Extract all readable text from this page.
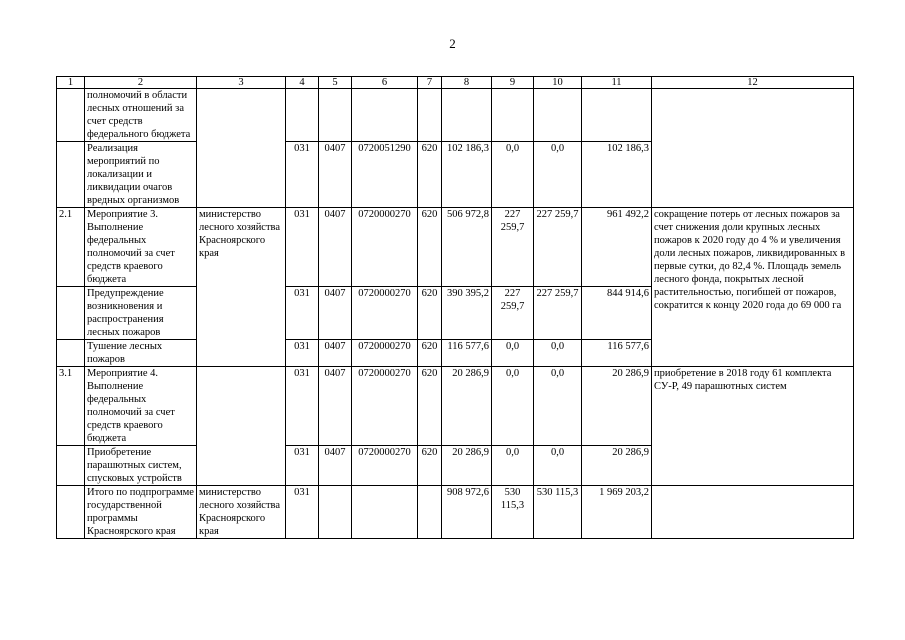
2
1	2	3	4	5	6	7	8	9	10	11	12
	полномочий в области лесных отношений за счет средств федерального бюджета										
	Реализация мероприятий по локализации и ликвидации очагов вредных организмов		031	0407	0720051290	620	102 186,3	0,0	0,0	102 186,3	
2.1	Мероприятие 3. Выполнение федеральных полномочий за счет средств краевого бюджета	министерство лесного хозяйства Красноярского края	031	0407	0720000270	620	506 972,8	227 259,7	227 259,7	961 492,2	сокращение потерь от лесных пожаров за счет снижения доли крупных лесных пожаров к 2020 году до 4 % и увеличения доли лесных пожаров, ликвидированных в первые сутки, до 82,4 %. Площадь земель лесного фонда, покрытых лесной растительностью, погибшей от пожаров, сократится к концу 2020 года до 69 000 га
	Предупреждение возникновения и распространения лесных пожаров		031	0407	0720000270	620	390 395,2	227 259,7	227 259,7	844 914,6	
	Тушение лесных пожаров		031	0407	0720000270	620	116 577,6	0,0	0,0	116 577,6	
3.1	Мероприятие 4. Выполнение федеральных полномочий за счет средств краевого бюджета		031	0407	0720000270	620	20 286,9	0,0	0,0	20 286,9	приобретение в 2018 году 61 комплекта СУ-Р, 49 парашютных систем
	Приобретение парашютных систем, спусковых устройств		031	0407	0720000270	620	20 286,9	0,0	0,0	20 286,9	
	Итого по подпрограмме государственной программы Красноярского края	министерство лесного хозяйства Красноярского края	031				908 972,6	530 115,3	530 115,3	1 969 203,2	
